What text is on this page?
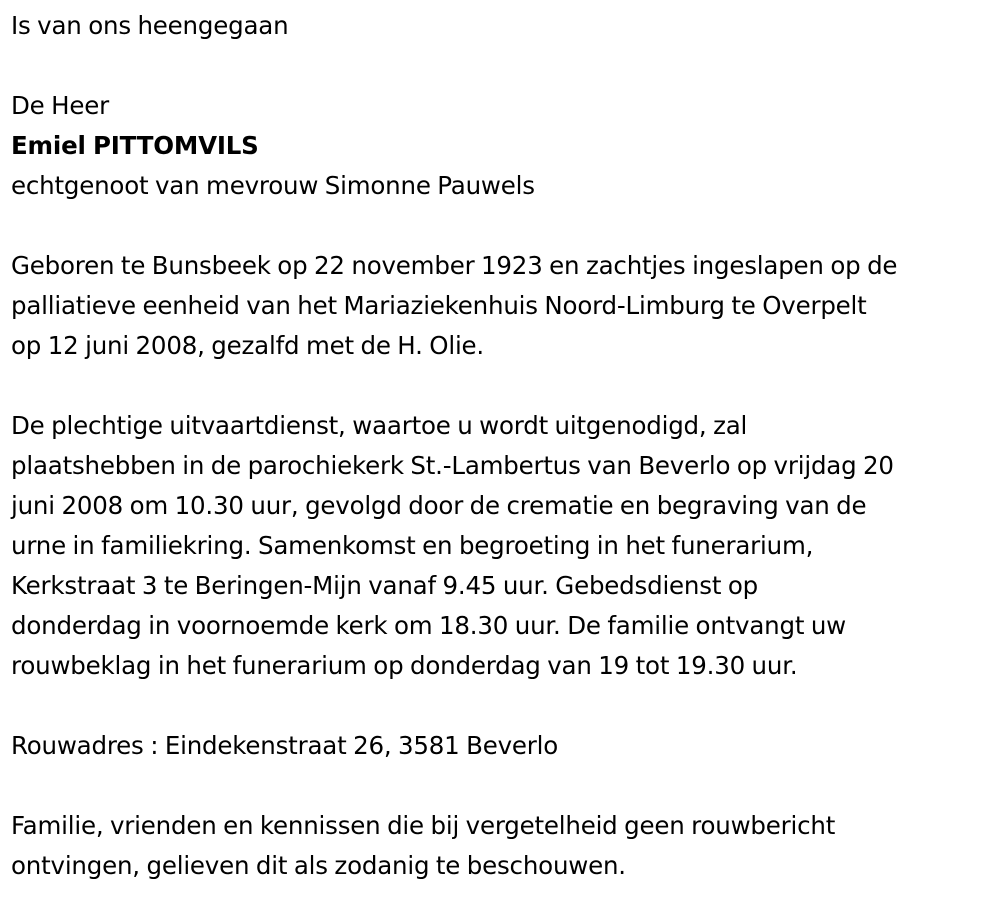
Is van ons heengegaan
De Heer
Emiel PITTOMVILS
echtgenoot van mevrouw Simonne Pauwels
Geboren te Bunsbeek op 22 november 1923 en zachtjes ingeslapen op de
palliatieve eenheid van het Mariaziekenhuis Noord-Limburg te Overpelt
op 12 juni 2008, gezalfd met de H. Olie.
De plechtige uitvaartdienst, waartoe u wordt uitgenodigd, zal
plaatshebben in de parochiekerk St.-Lambertus van Beverlo op vrijdag 20
juni 2008 om 10.30 uur, gevolgd door de crematie en begraving van de
urne in familiekring. Samenkomst en begroeting in het funerarium,
Kerkstraat 3 te Beringen-Mijn vanaf 9.45 uur. Gebedsdienst op
donderdag in voornoemde kerk om 18.30 uur. De familie ontvangt uw
rouwbeklag in het funerarium op donderdag van 19 tot 19.30 uur.
Rouwadres : Eindekenstraat 26, 3581 Beverlo
Familie, vrienden en kennissen die bij vergetelheid geen rouwbericht
ontvingen, gelieven dit als zodanig te beschouwen.
